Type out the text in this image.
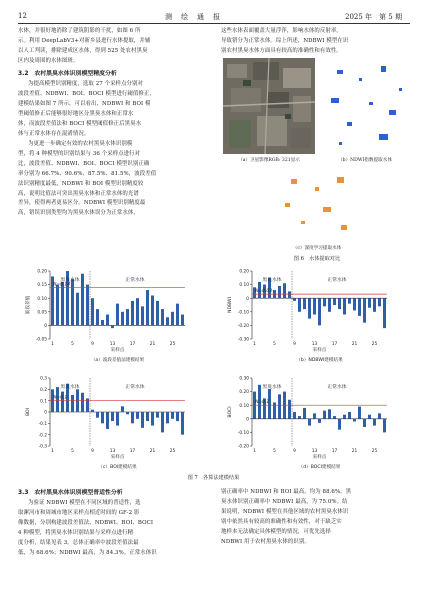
12	测　绘　通　报	2025 年　第 5 期
水体，并很好地消除了建筑阴影的干扰，如图 6 所
示。利用 DeepLabV3+对新乡县进行水体提取，并辅
以人工判读，排除建成区水体，得到 525 处农村黑臭
区内及周围的水体图斑。
3.2　农村黑臭水体识别模型精度分析
为提高模型识别精度，选取 27 个采样点分别对
波段差值、NDBWI、BOI、BOCI 模型进行阈值修正，
建模结果如图 7 所示。可以看出，NDBWI 和 BOI 模
型阈值修正后能够很好地区分黑臭水体和正常水
体，而波段差值法和 BOCI 模型阈值修正后黑臭水
体与正常水体存在混淆情况。
为更进一步确定有效的农村黑臭水体识别模
型，将 4 种模型的识别结果与 36 个采样点进行对
比，波段差值、NDBWI、BOI、BOCI 模型识别正确
率分别为 66.7%、90.6%、87.5%、81.5%，波段差值
法识别精度最低，NDBWI 和 BOI 模型识别精度较
高，说明比值法可突出黑臭水体和正常水体的光谱
差异，使得两者更易区分。NDBWI 模型识别精度最
高，错误识别类型均为黑臭水体误分为正常水体，
这些水体表面覆盖大量浮萍，影响水体的反射率，
导致错分为正常水体。综上所述，NDBWI 模型在识
别农村黑臭水体方面具有较高的准确性和有效性。
（a）卫星影像RGB: 321显示	（b）NDWI指数提取水体
（c）深度学习提取水体
图 6　水体提取对比
-0.05
0
0.05
0.10
0.15
0.20
波段差值
N=0.14
黑臭水体	正常水体
1	5	9	13	17	21	25
采样点
（a）波段差值法建模结果
-0.30
-0.20
-0.10
0
0.10
0.20
NDBWI
N=0.03
黑臭水体	正常水体
1	5	9	13	17	21	25
采样点
（b）NDBWI建模结果
-0.3
-0.2
-0.1
0
0.1
0.2
0.3
BOI
N=0.1
黑臭水体	正常水体
1	5	9	13	17	21	25
采样点
（c）BOI建模结果
-0.20
-0.10
0
0.10
0.20
0.30
BOCI
N=0.1
黑臭水体	正常水体
1	5	9	13	17	21	25
采样点
（d）BOCI建模结果
图 7　各算法建模结果
3.3　农村黑臭水体识别模型普适性分析
为验证 NDBWI 模型在不同区域的普适性，选
取漯河市和周城市地区采样点相近时间的 GF-2 影
像数据，分别构建波段差值法、NDBWI、BOI、BOCI
4 种模型，将黑臭水体识别结果与采样点进行精
度分析，结果见表 3。总体正确率中波段差值法最
低，为 68.6%；NDBWI 最高，为 84.3%。正常水体识
别正确率中 NDBWI 和 BOI 最高，均为 88.6%。黑
臭水体识别正确率中 NDBWI 最高，为 75.0%。结
果说明，NDBWI 模型在其他区域的农村黑臭水体识
别中依然具有较高的准确性和有效性，对于缺乏实
地样本无法确定具体模型的情况，可优先选择
NDBWI 用于农村黑臭水体的识别。
